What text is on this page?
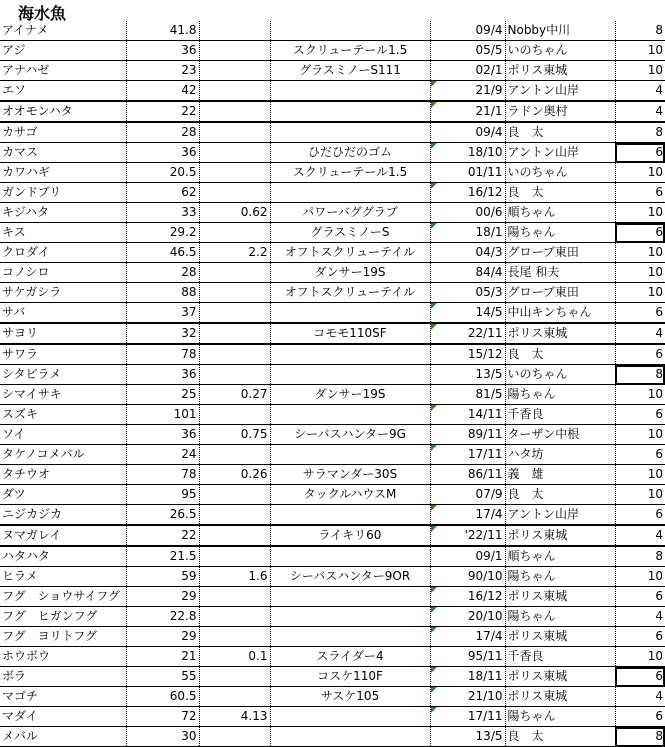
海水魚
アイナメ	41.8			09/4	Nobby中川	8
アジ	36		スクリューテール1.5	05/5	いのちゃん	10
アナハゼ	23		グラスミノーS111	02/1	ポリス東城	10
エソ	42			21/9	アントン山岸	4
オオモンハタ	22			21/1	ラドン奥村	4
カサゴ	28			09/4	良　太	8
カマス	36		ひだひだのゴム	18/10	アントン山岸	6
カワハギ	20.5		スクリューテール1.5	01/11	いのちゃん	10
ガンドブリ	62			16/12	良　太	6
キジハタ	33	0.62	パワーバググラブ	00/6	順ちゃん	10
キス	29.2		グラスミノーS	18/1	陽ちゃん	6
クロダイ	46.5	2.2	オフトスクリューテイル	04/3	グローブ東田	10
コノシロ	28		ダンサー19S	84/4	長尾 和夫	10
サケガシラ	88		オフトスクリューテイル	05/3	グローブ東田	10
サバ	37			14/5	中山キンちゃん	6
サヨリ	32		コモモ110SF	22/11	ポリス東城	4
サワラ	78			15/12	良　太	6
シタビラメ	36			13/5	いのちゃん	8
シマイサキ	25	0.27	ダンサー19S	81/5	陽ちゃん	10
スズキ	101			14/11	千香良	6
ソイ	36	0.75	シーバスハンター9G	89/11	ターザン中根	10
タケノコメバル	24			17/11	ハタ坊	6
タチウオ	78	0.26	サラマンダー30S	86/11	義　雄	10
ダツ	95		タックルハウスM	07/9	良　太	10
ニジカジカ	26.5			17/4	アントン山岸	6
ヌマガレイ	22		ライキリ60	'22/11	ポリス東城	4
ハタハタ	21.5			09/1	順ちゃん	8
ヒラメ	59	1.6	シーバスハンター9OR	90/10	陽ちゃん	10
フグ　ショウサイフグ	29			16/12	ポリス東城	6
フグ　ヒガンフグ	22.8			20/10	陽ちゃん	4
フグ　ヨリトフグ	29			17/4	ポリス東城	6
ホウボウ	21	0.1	スライダー4	95/11	千香良	10
ボラ	55		コスケ110F	18/11	ポリス東城	6
マゴチ	60.5		サスケ105	21/10	ポリス東城	4
マダイ	72	4.13		17/11	陽ちゃん	6
メバル	30			13/5	良　太	8
